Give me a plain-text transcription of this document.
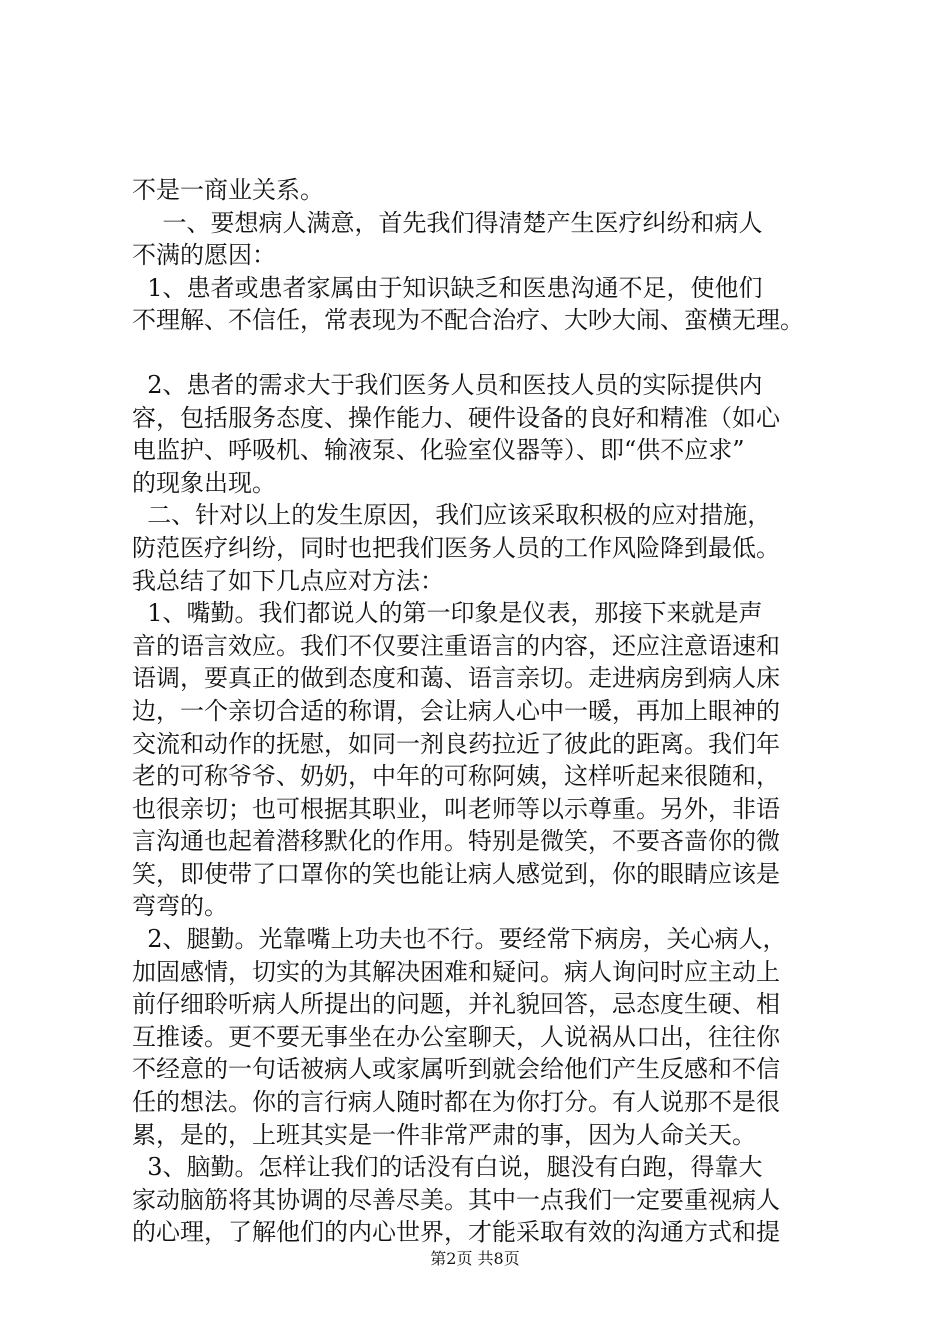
不是一商业关系。
一、要想病人满意，首先我们得清楚产生医疗纠纷和病人
不满的愿因：
1、患者或患者家属由于知识缺乏和医患沟通不足，使他们
不理解、不信任，常表现为不配合治疗、大吵大闹、蛮横无理。
2、患者的需求大于我们医务人员和医技人员的实际提供内
容，包括服务态度、操作能力、硬件设备的良好和精准（如心
电监护、呼吸机、输液泵、化验室仪器等）、即“供不应求”
的现象出现。
二、针对以上的发生原因，我们应该采取积极的应对措施，
防范医疗纠纷，同时也把我们医务人员的工作风险降到最低。
我总结了如下几点应对方法：
1、嘴勤。我们都说人的第一印象是仪表，那接下来就是声
音的语言效应。我们不仅要注重语言的内容，还应注意语速和
语调，要真正的做到态度和蔼、语言亲切。走进病房到病人床
边，一个亲切合适的称谓，会让病人心中一暖，再加上眼神的
交流和动作的抚慰，如同一剂良药拉近了彼此的距离。我们年
老的可称爷爷、奶奶，中年的可称阿姨，这样听起来很随和，
也很亲切；也可根据其职业，叫老师等以示尊重。另外，非语
言沟通也起着潜移默化的作用。特别是微笑，不要吝啬你的微
笑，即使带了口罩你的笑也能让病人感觉到，你的眼睛应该是
弯弯的。
2、腿勤。光靠嘴上功夫也不行。要经常下病房，关心病人，
加固感情，切实的为其解决困难和疑问。病人询问时应主动上
前仔细聆听病人所提出的问题，并礼貌回答，忌态度生硬、相
互推诿。更不要无事坐在办公室聊天，人说祸从口出，往往你
不经意的一句话被病人或家属听到就会给他们产生反感和不信
任的想法。你的言行病人随时都在为你打分。有人说那不是很
累，是的，上班其实是一件非常严肃的事，因为人命关天。
3、脑勤。怎样让我们的话没有白说，腿没有白跑，得靠大
家动脑筋将其协调的尽善尽美。其中一点我们一定要重视病人
的心理，了解他们的内心世界，才能采取有效的沟通方式和提
第2页 共8页
